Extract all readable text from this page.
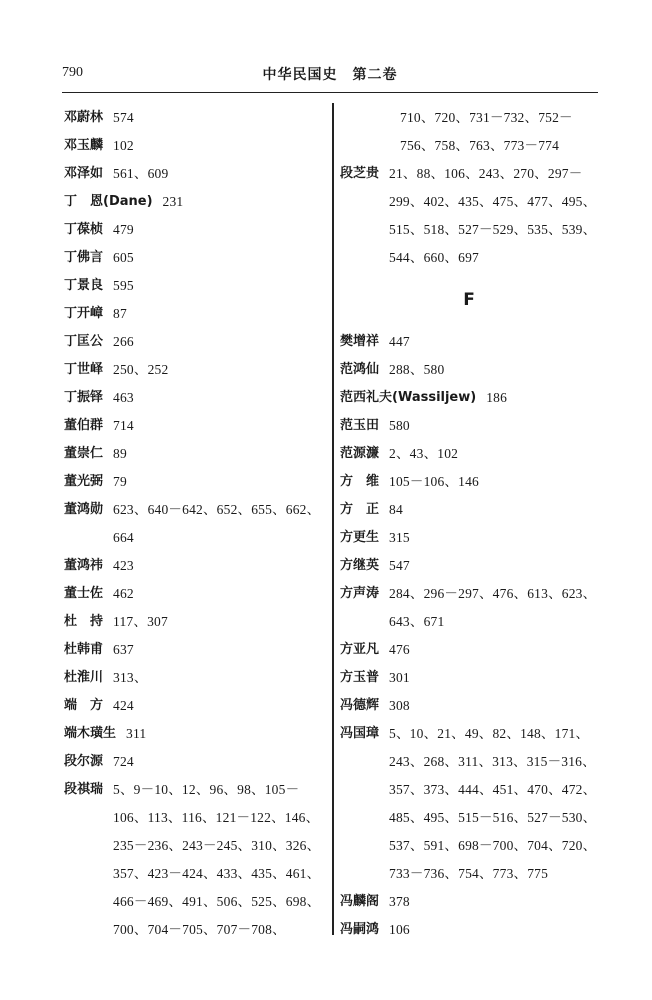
790	中华民国史　第二卷
邓蔚林 574
邓玉麟 102
邓泽如 561、609
丁　恩(Dane) 231
丁葆桢 479
丁佛言 605
丁景良 595
丁开嶂 87
丁匡公 266
丁世峄 250、252
丁振铎 463
董伯群 714
董崇仁 89
董光弼 79
董鸿勋 623、640－642、652、655、662、664
董鸿祎 423
董士佐 462
杜　持 117、307
杜韩甫 637
杜淮川 313、
端　方 424
端木璜生 311
段尔源 724
段祺瑞 5、9－10、12、96、98、105－106、113、116、121－122、146、235－236、243－245、310、326、357、423－424、433、435、461、466－469、491、506、525、698、700、704－705、707－708、
710、720、731－732、752－756、758、763、773－774
段芝贵 21、88、106、243、270、297－299、402、435、475、477、495、515、518、527－529、535、539、544、660、697
F
樊增祥 447
范鸿仙 288、580
范西礼夫(Wassiljew) 186
范玉田 580
范源濂 2、43、102
方　维 105－106、146
方　正 84
方更生 315
方继英 547
方声涛 284、296－297、476、613、623、643、671
方亚凡 476
方玉普 301
冯德辉 308
冯国璋 5、10、21、49、82、148、171、243、268、311、313、315－316、357、373、444、451、470、472、485、495、515－516、527－530、537、591、698－700、704、720、733－736、754、773、775
冯麟阁 378
冯嗣鸿 106
